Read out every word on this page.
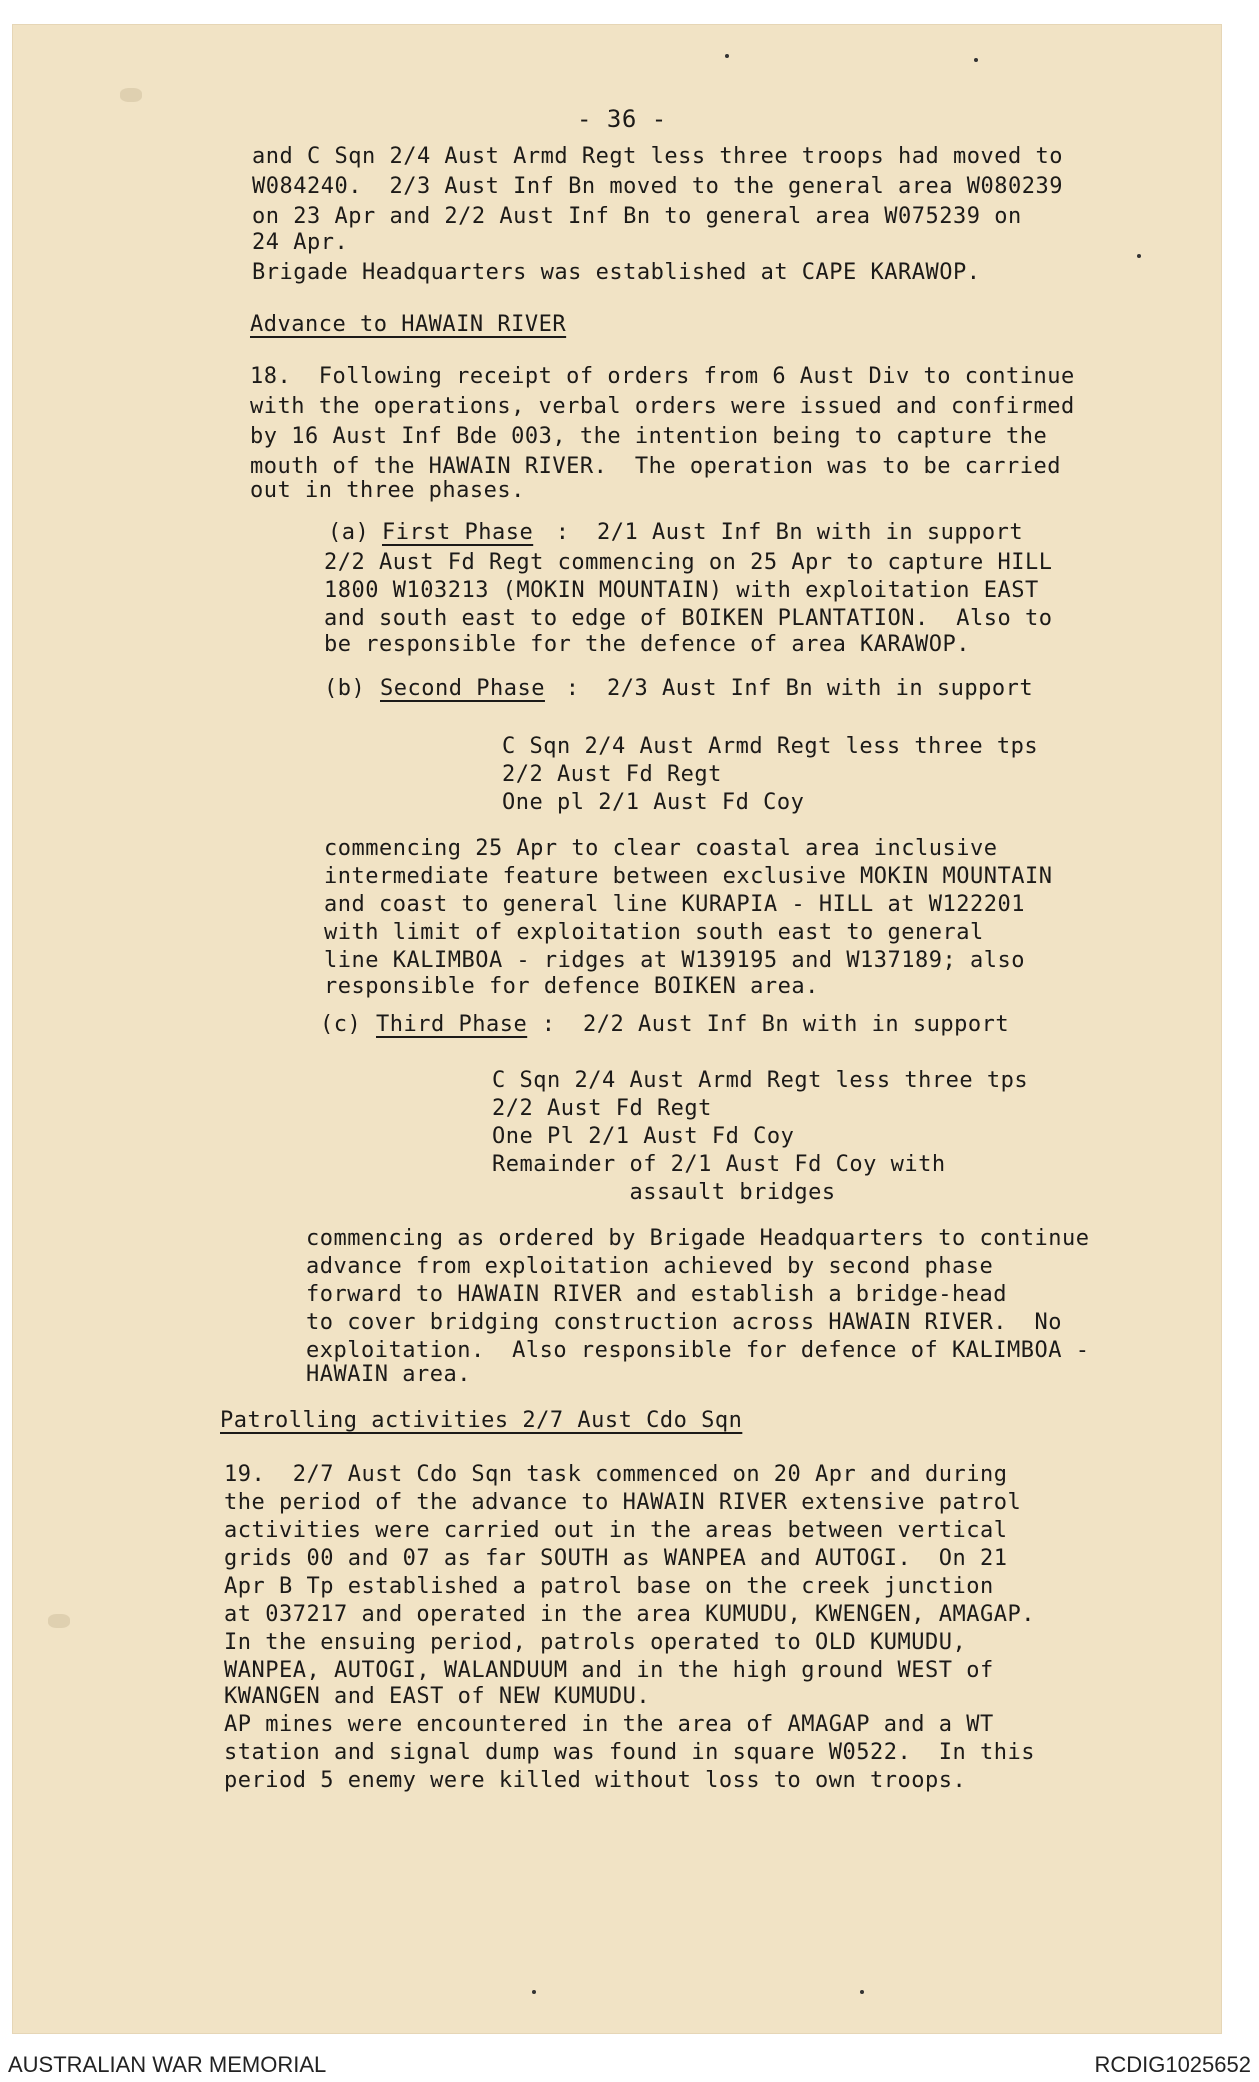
- 36 -
and C Sqn 2/4 Aust Armd Regt less three troops had moved to
W084240.  2/3 Aust Inf Bn moved to the general area W080239
on 23 Apr and 2/2 Aust Inf Bn to general area W075239 on
24 Apr.
Brigade Headquarters was established at CAPE KARAWOP.
Advance to HAWAIN RIVER
18.  Following receipt of orders from 6 Aust Div to continue
with the operations, verbal orders were issued and confirmed
by 16 Aust Inf Bde 003, the intention being to capture the
mouth of the HAWAIN RIVER.  The operation was to be carried
out in three phases.
(a) First Phase :  2/1 Aust Inf Bn with in support
2/2 Aust Fd Regt commencing on 25 Apr to capture HILL
1800 W103213 (MOKIN MOUNTAIN) with exploitation EAST
and south east to edge of BOIKEN PLANTATION.  Also to
be responsible for the defence of area KARAWOP.
(b) Second Phase :  2/3 Aust Inf Bn with in support
C Sqn 2/4 Aust Armd Regt less three tps
2/2 Aust Fd Regt
One pl 2/1 Aust Fd Coy
commencing 25 Apr to clear coastal area inclusive
intermediate feature between exclusive MOKIN MOUNTAIN
and coast to general line KURAPIA - HILL at W122201
with limit of exploitation south east to general
line KALIMBOA - ridges at W139195 and W137189; also
responsible for defence BOIKEN area.
(c) Third Phase :  2/2 Aust Inf Bn with in support
C Sqn 2/4 Aust Armd Regt less three tps
2/2 Aust Fd Regt
One Pl 2/1 Aust Fd Coy
Remainder of 2/1 Aust Fd Coy with
assault bridges
commencing as ordered by Brigade Headquarters to continue
advance from exploitation achieved by second phase
forward to HAWAIN RIVER and establish a bridge-head
to cover bridging construction across HAWAIN RIVER.  No
exploitation.  Also responsible for defence of KALIMBOA -
HAWAIN area.
Patrolling activities 2/7 Aust Cdo Sqn
19.  2/7 Aust Cdo Sqn task commenced on 20 Apr and during
the period of the advance to HAWAIN RIVER extensive patrol
activities were carried out in the areas between vertical
grids 00 and 07 as far SOUTH as WANPEA and AUTOGI.  On 21
Apr B Tp established a patrol base on the creek junction
at 037217 and operated in the area KUMUDU, KWENGEN, AMAGAP.
In the ensuing period, patrols operated to OLD KUMUDU,
WANPEA, AUTOGI, WALANDUUM and in the high ground WEST of
KWANGEN and EAST of NEW KUMUDU.
AP mines were encountered in the area of AMAGAP and a WT
station and signal dump was found in square W0522.  In this
period 5 enemy were killed without loss to own troops.
AUSTRALIAN WAR MEMORIAL	RCDIG1025652
